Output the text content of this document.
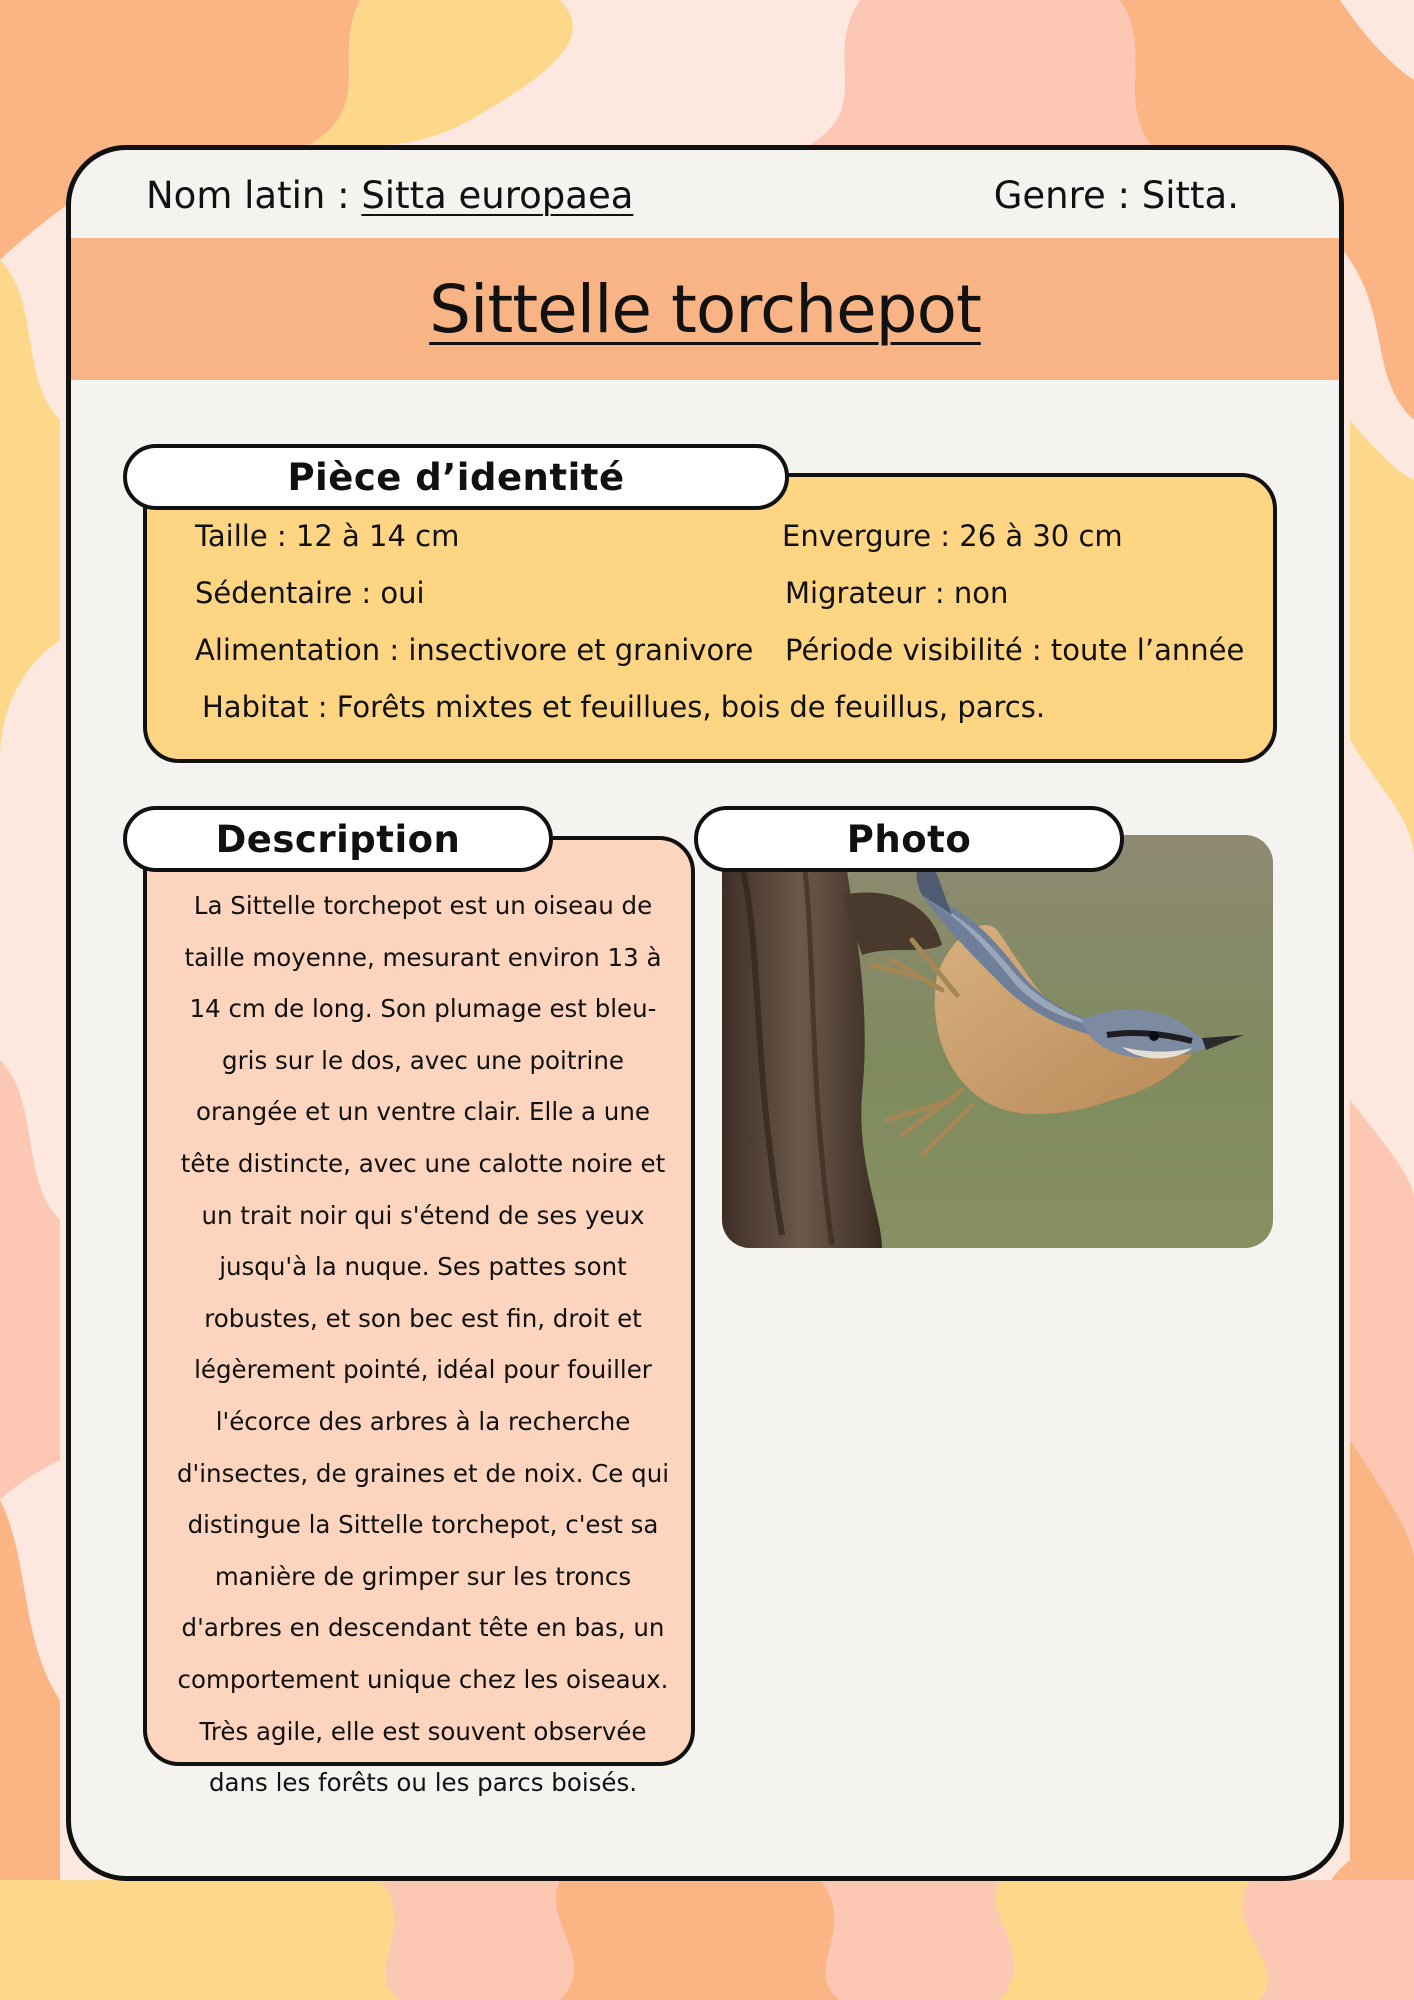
Nom latin : Sitta europaea	Genre : Sitta.
Sittelle torchepot
Pièce d’identité
Taille : 12 à 14 cm	Envergure : 26 à 30 cm
Sédentaire : oui	Migrateur : non
Alimentation : insectivore et granivore Période visibilité : toute l’année
Habitat : Forêts mixtes et feuillues, bois de feuillus, parcs.
La Sittelle torchepot est un oiseau de taille moyenne, mesurant environ 13 à 14 cm de long. Son plumage est bleu-gris sur le dos, avec une poitrine orangée et un ventre clair. Elle a une tête distincte, avec une calotte noire et un trait noir qui s'étend de ses yeux jusqu'à la nuque. Ses pattes sont robustes, et son bec est fin, droit et légèrement pointé, idéal pour fouiller l'écorce des arbres à la recherche d'insectes, de graines et de noix. Ce qui distingue la Sittelle torchepot, c'est sa manière de grimper sur les troncs d'arbres en descendant tête en bas, un comportement unique chez les oiseaux. Très agile, elle est souvent observée dans les forêts ou les parcs boisés.
Description	Photo
